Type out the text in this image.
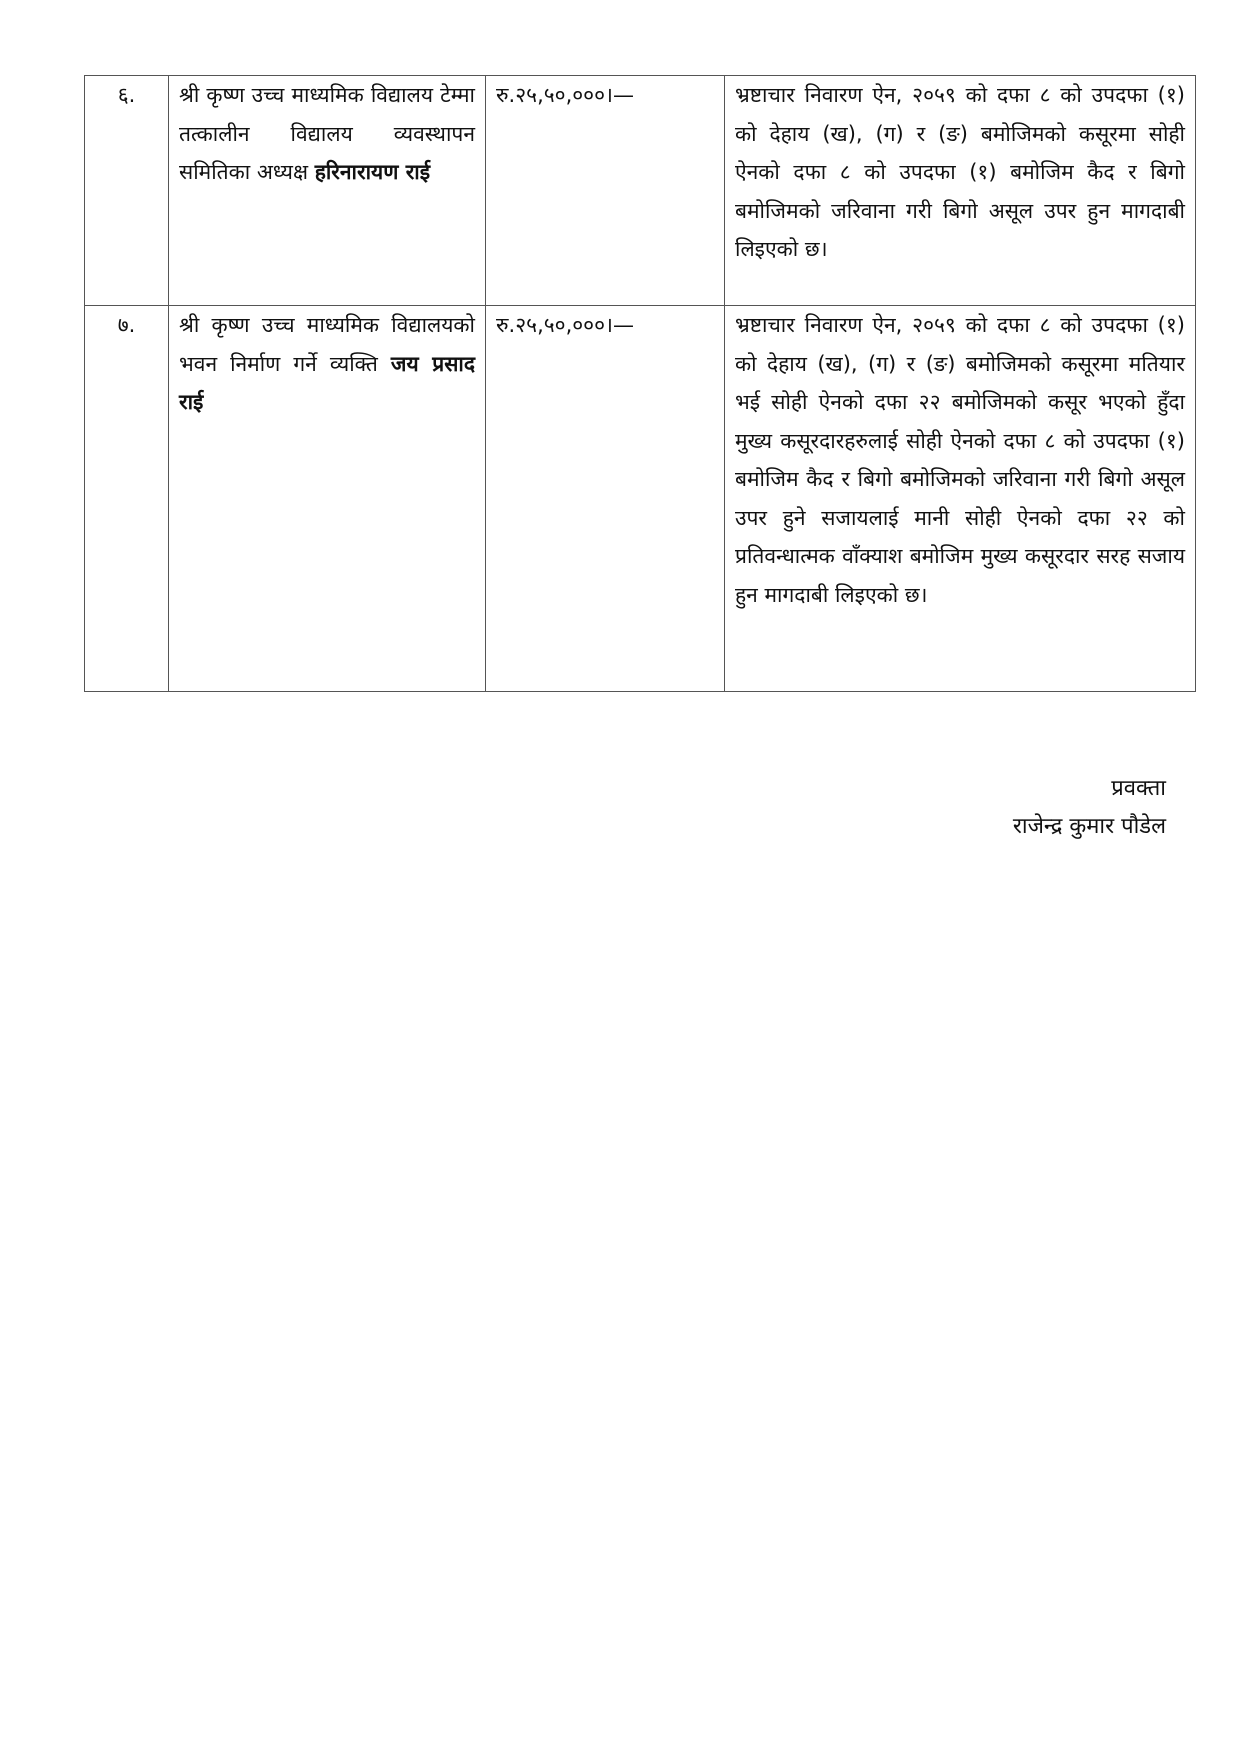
६.	श्री कृष्ण उच्च माध्यमिक विद्यालय टेम्मा तत्कालीन विद्यालय व्यवस्थापन समितिका अध्यक्ष हरिनारायण राई	रु.२५,५०,०००।—	भ्रष्टाचार निवारण ऐन, २०५९ को दफा ८ को उपदफा (१) को देहाय (ख), (ग) र (ङ) बमोजिमको कसूरमा सोही ऐनको दफा ८ को उपदफा (१) बमोजिम कैद र बिगो बमोजिमको जरिवाना गरी बिगो असूल उपर हुन मागदाबी लिइएको छ।
७.	श्री कृष्ण उच्च माध्यमिक विद्यालयको भवन निर्माण गर्ने व्यक्ति जय प्रसाद राई	रु.२५,५०,०००।—	भ्रष्टाचार निवारण ऐन, २०५९ को दफा ८ को उपदफा (१) को देहाय (ख), (ग) र (ङ) बमोजिमको कसूरमा मतियार भई सोही ऐनको दफा २२ बमोजिमको कसूर भएको हुँदा मुख्य कसूरदारहरुलाई सोही ऐनको दफा ८ को उपदफा (१) बमोजिम कैद र बिगो बमोजिमको जरिवाना गरी बिगो असूल उपर हुने सजायलाई मानी सोही ऐनको दफा २२ को प्रतिवन्धात्मक वाँक्याश बमोजिम मुख्य कसूरदार सरह सजाय हुन मागदाबी लिइएको छ।
प्रवक्ता
राजेन्द्र कुमार पौडेल
